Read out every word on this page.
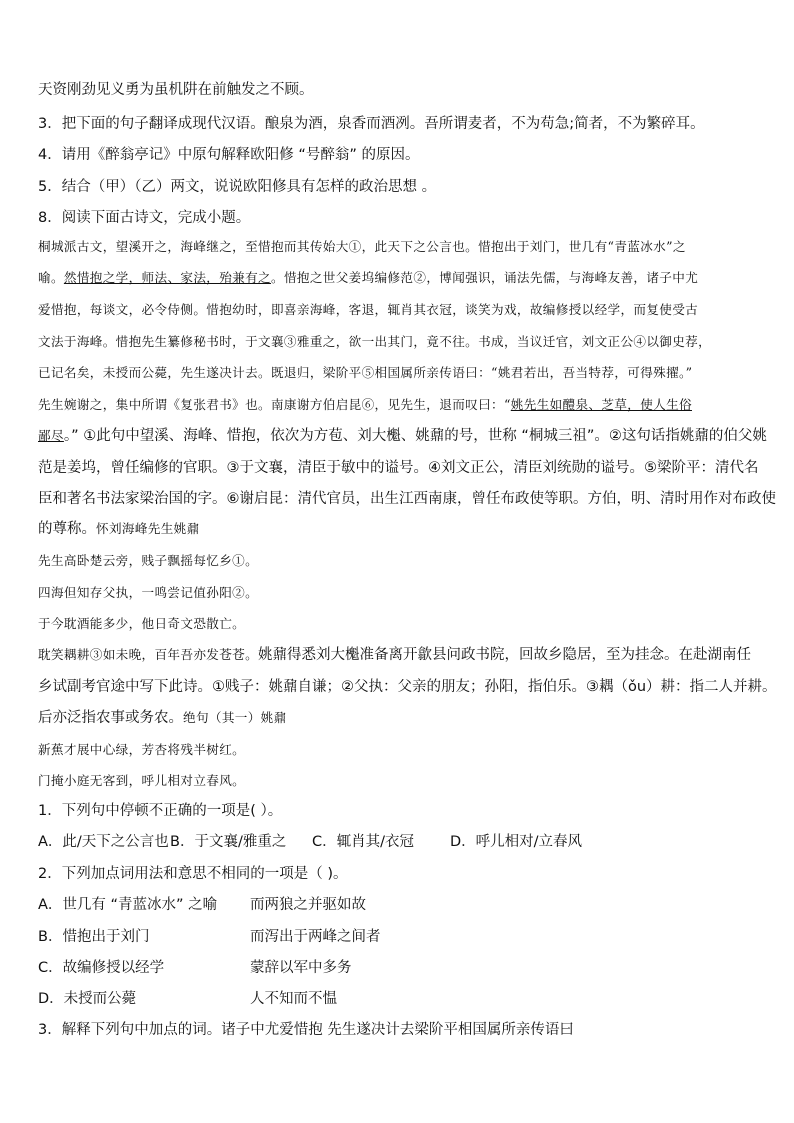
天资刚劲见义勇为虽机阱在前触发之不顾。
3．把下面的句子翻译成现代汉语。酿泉为酒，泉香而酒冽。吾所谓麦者，不为苟急;简者，不为繁碎耳。
4．请用《醉翁亭记》中原句解释欧阳修 “号醉翁” 的原因。
5．结合（甲）（乙）两文，说说欧阳修具有怎样的政治思想 。
8．阅读下面古诗文，完成小题。
桐城派古文，望溪开之，海峰继之，至惜抱而其传始大①，此天下之公言也。惜抱出于刘门，世几有“青蓝冰水”之
喻。然惜抱之学，师法、家法，殆兼有之。惜抱之世父姜坞编修范②，博闻强识，诵法先儒，与海峰友善，诸子中尤
爱惜抱，每谈文，必令侍侧。惜抱幼时，即喜亲海峰，客退，辄肖其衣冠，谈笑为戏，故编修授以经学，而复使受古
文法于海峰。惜抱先生纂修秘书时，于文襄③雅重之，欲一出其门，竟不往。书成，当议迁官，刘文正公④以御史荐，
已记名矣，未授而公薨，先生遂决计去。既退归，梁阶平⑤相国属所亲传语曰：“姚君若出，吾当特荐，可得殊擢。”
先生婉谢之，集中所谓《复张君书》也。南康谢方伯启昆⑥，见先生，退而叹曰：“姚先生如醴泉、芝草，使人生俗
鄙尽。” ①此句中望溪、海峰、惜抱，依次为方苞、刘大櫆、姚鼐的号，世称 “桐城三祖”。②这句话指姚鼐的伯父姚
范是姜坞，曾任编修的官职。③于文襄，清臣于敏中的谥号。④刘文正公，清臣刘统勋的谥号。⑤梁阶平：清代名
臣和著名书法家梁治国的字。⑥谢启昆：清代官员，出生江西南康，曾任布政使等职。方伯，明、清时用作对布政使
的尊称。怀刘海峰先生姚鼐
先生高卧楚云旁，贱子飘摇每忆乡①。
四海但知存父执，一鸣尝记值孙阳②。
于今耽酒能多少，他日奇文恐散亡。
耽笑耦耕③如未晚，百年吾亦发苍苍。姚鼐得悉刘大櫆准备离开歙县问政书院，回故乡隐居，至为挂念。在赴湖南任
乡试副考官途中写下此诗。①贱子：姚鼐自谦；②父执：父亲的朋友；孙阳，指伯乐。③耦（ǒu）耕：指二人并耕。
后亦泛指农事或务农。绝句（其一）姚鼐
新蕉才展中心绿，芳杏将残半树红。
门掩小庭无客到，呼儿相对立春风。
1．下列句中停顿不正确的一项是( ）。
A．此/天下之公言也B．于文襄/雅重之 C．辄肖其/衣冠 D．呼儿相对/立春风
2．下列加点词用法和意思不相同的一项是（ )。
A．世几有 “青蓝冰水” 之喻 而两狼之并驱如故
B．惜抱出于刘门	而泻出于两峰之间者
C．故编修授以经学	蒙辞以军中多务
D．未授而公薨	人不知而不愠
3．解释下列句中加点的词。诸子中尤爱惜抱 先生遂决计去梁阶平相国属所亲传语曰
